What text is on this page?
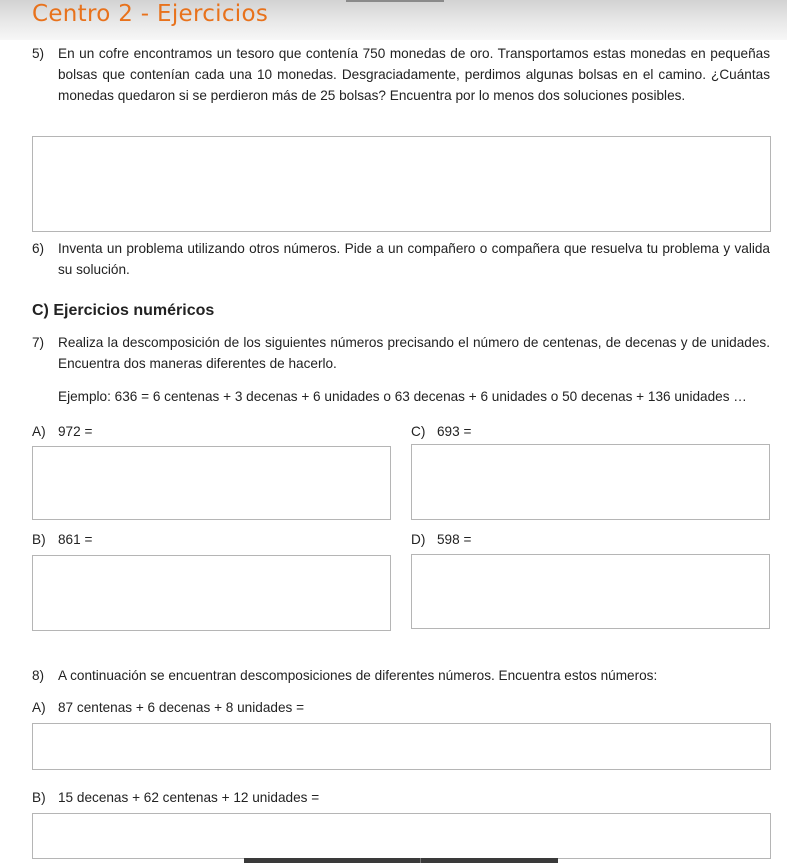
Centro 2 - Ejercicios
5) En un cofre encontramos un tesoro que contenía 750 monedas de oro. Transportamos estas monedas en pequeñas bolsas que contenían cada una 10 monedas. Desgraciadamente, perdimos algunas bolsas en el camino. ¿Cuántas monedas quedaron si se perdieron más de 25 bolsas? Encuentra por lo menos dos soluciones posibles.
6) Inventa un problema utilizando otros números. Pide a un compañero o compañera que resuelva tu problema y valida su solución.
C) Ejercicios numéricos
7) Realiza la descomposición de los siguientes números precisando el número de centenas, de decenas y de unidades. Encuentra dos maneras diferentes de hacerlo.
Ejemplo: 636 = 6 centenas + 3 decenas + 6 unidades o 63 decenas + 6 unidades o 50 decenas + 136 unidades …
A) 972 =	C) 693 =
B) 861 =	D) 598 =
8) A continuación se encuentran descomposiciones de diferentes números. Encuentra estos números:
A) 87 centenas + 6 decenas + 8 unidades =
B) 15 decenas + 62 centenas + 12 unidades =
